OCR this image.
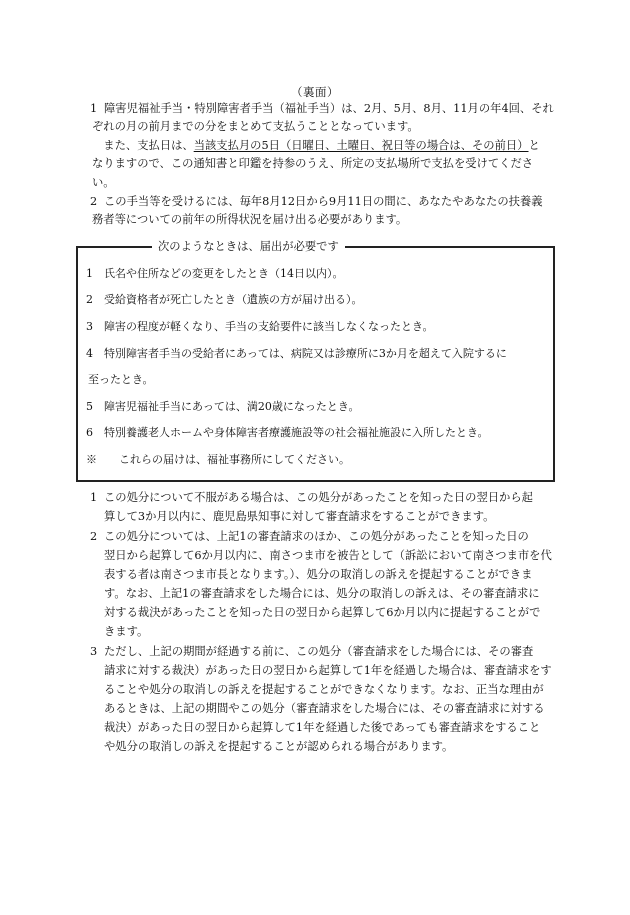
（裏面）
1 障害児福祉手当・特別障害者手当（福祉手当）は、2月、5月、8月、11月の年4回、それ
ぞれの月の前月までの分をまとめて支払うこととなっています。
　また、支払日は、当該支払月の5日（日曜日、土曜日、祝日等の場合は、その前日）と
なりますので、この通知書と印鑑を持参のうえ、所定の支払場所で支払を受けてくださ
い。
2 この手当等を受けるには、毎年8月12日から9月11日の間に、あなたやあなたの扶養義
務者等についての前年の所得状況を届け出る必要があります。
次のようなときは、届出が必要です
1　氏名や住所などの変更をしたとき（14日以内）。
2　受給資格者が死亡したとき（遺族の方が届け出る）。
3　障害の程度が軽くなり、手当の支給要件に該当しなくなったとき。
4　特別障害者手当の受給者にあっては、病院又は診療所に3か月を超えて入院するに
至ったとき。
5　障害児福祉手当にあっては、満20歳になったとき。
6　特別養護老人ホームや身体障害者療護施設等の社会福祉施設に入所したとき。
※　　これらの届けは、福祉事務所にしてください。
1 この処分について不服がある場合は、この処分があったことを知った日の翌日から起
算して3か月以内に、鹿児島県知事に対して審査請求をすることができます。
2 この処分については、上記1の審査請求のほか、この処分があったことを知った日の
翌日から起算して6か月以内に、南さつま市を被告として（訴訟において南さつま市を代
表する者は南さつま市長となります。）、処分の取消しの訴えを提起することができま
す。なお、上記1の審査請求をした場合には、処分の取消しの訴えは、その審査請求に
対する裁決があったことを知った日の翌日から起算して6か月以内に提起することがで
きます。
3 ただし、上記の期間が経過する前に、この処分（審査請求をした場合には、その審査
請求に対する裁決）があった日の翌日から起算して1年を経過した場合は、審査請求をす
ることや処分の取消しの訴えを提起することができなくなります。なお、正当な理由が
あるときは、上記の期間やこの処分（審査請求をした場合には、その審査請求に対する
裁決）があった日の翌日から起算して1年を経過した後であっても審査請求をすること
や処分の取消しの訴えを提起することが認められる場合があります。
